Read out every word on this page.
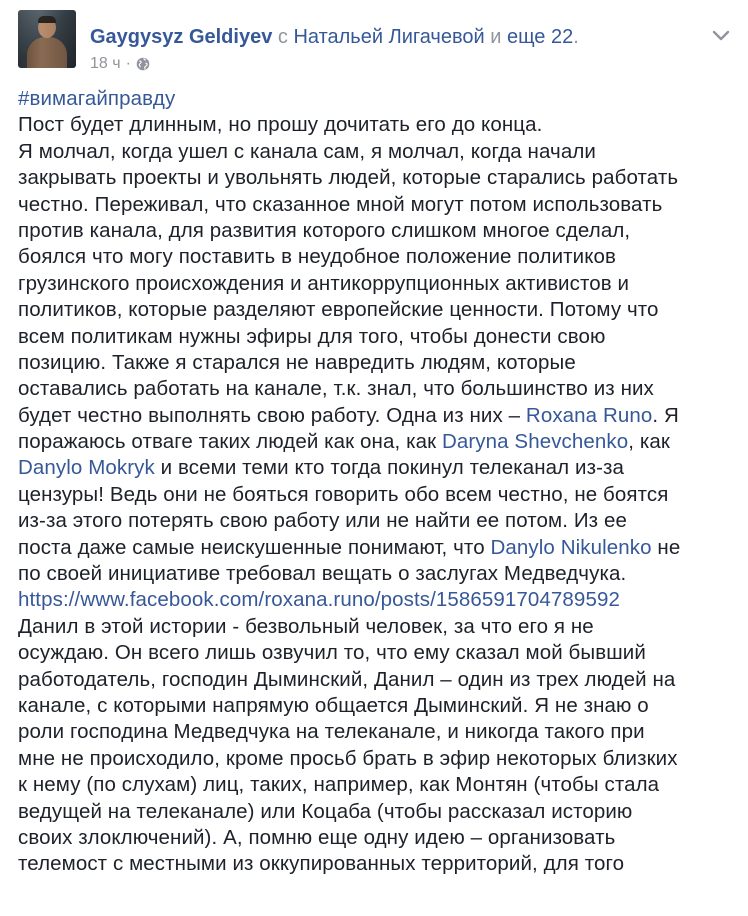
Gaygysyz Geldiyev с Натальей Лигачевой и еще 22.
18 ч ·
#вимагайправду
Пост будет длинным, но прошу дочитать его до конца.
Я молчал, когда ушел с канала сам, я молчал, когда начали
закрывать проекты и увольнять людей, которые старались работать
честно. Переживал, что сказанное мной могут потом использовать
против канала, для развития которого слишком многое сделал,
боялся что могу поставить в неудобное положение политиков
грузинского происхождения и антикоррупционных активистов и
политиков, которые разделяют европейские ценности. Потому что
всем политикам нужны эфиры для того, чтобы донести свою
позицию. Также я старался не навредить людям, которые
оставались работать на канале, т.к. знал, что большинство из них
будет честно выполнять свою работу. Одна из них – Roxana Runo. Я
поражаюсь отваге таких людей как она, как Daryna Shevchenko, как
Danylo Mokryk и всеми теми кто тогда покинул телеканал из-за
цензуры! Ведь они не бояться говорить обо всем честно, не боятся
из-за этого потерять свою работу или не найти ее потом. Из ее
поста даже самые неискушенные понимают, что Danylo Nikulenko не
по своей инициативе требовал вещать о заслугах Медведчука.
https://www.facebook.com/roxana.runo/posts/1586591704789592
Данил в этой истории - безвольный человек, за что его я не
осуждаю. Он всего лишь озвучил то, что ему сказал мой бывший
работодатель, господин Дыминский, Данил – один из трех людей на
канале, с которыми напрямую общается Дыминский. Я не знаю о
роли господина Медведчука на телеканале, и никогда такого при
мне не происходило, кроме просьб брать в эфир некоторых близких
к нему (по слухам) лиц, таких, например, как Монтян (чтобы стала
ведущей на телеканале) или Коцаба (чтобы рассказал историю
своих злоключений). А, помню еще одну идею – организовать
телемост с местными из оккупированных территорий, для того
